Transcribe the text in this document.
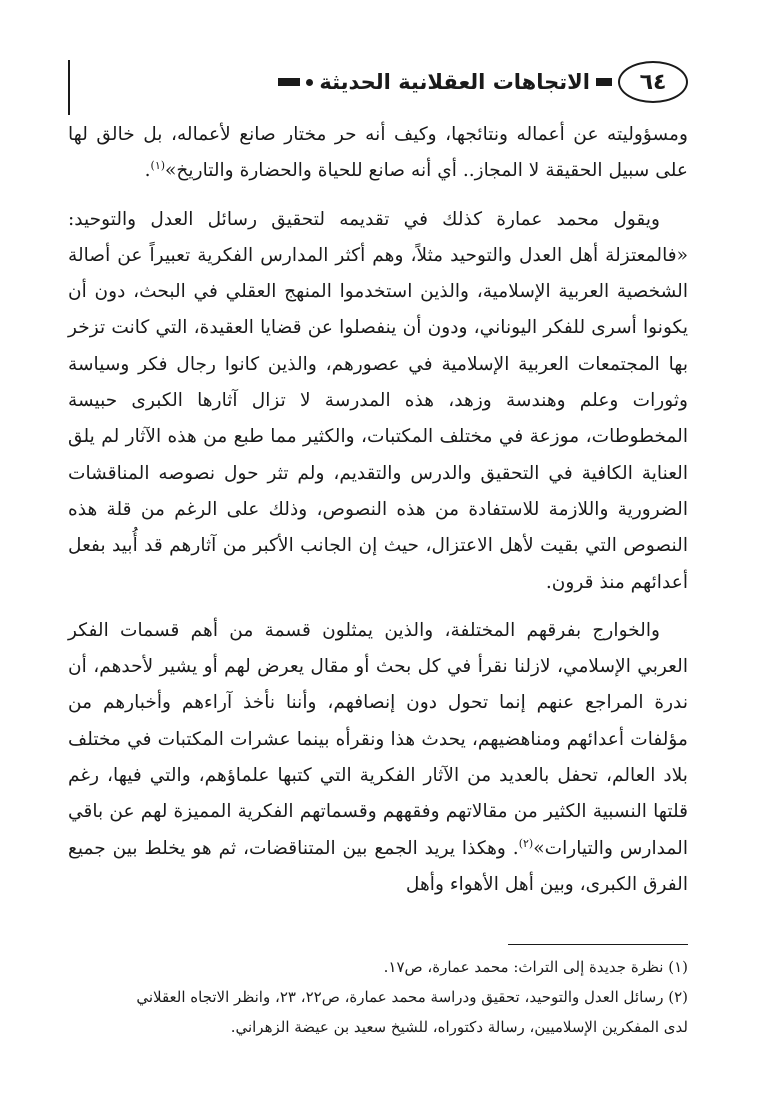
٦٤
الاتجاهات العقلانية الحديثة

ومسؤوليته عن أعماله ونتائجها، وكيف أنه حر مختار صانع لأعماله، بل خالق لها على سبيل الحقيقة لا المجاز.. أي أنه صانع للحياة والحضارة والتاريخ»$^{(١)}$.

ويقول محمد عمارة كذلك في تقديمه لتحقيق رسائل العدل والتوحيد: «فالمعتزلة أهل العدل والتوحيد مثلاً، وهم أكثر المدارس الفكرية تعبيراً عن أصالة الشخصية العربية الإسلامية، والذين استخدموا المنهج العقلي في البحث، دون أن يكونوا أسرى للفكر اليوناني، ودون أن ينفصلوا عن قضايا العقيدة، التي كانت تزخر بها المجتمعات العربية الإسلامية في عصورهم، والذين كانوا رجال فكر وسياسة وثورات وعلم وهندسة وزهد، هذه المدرسة لا تزال آثارها الكبرى حبيسة المخطوطات، موزعة في مختلف المكتبات، والكثير مما طبع من هذه الآثار لم يلق العناية الكافية في التحقيق والدرس والتقديم، ولم تثر حول نصوصه المناقشات الضرورية واللازمة للاستفادة من هذه النصوص، وذلك على الرغم من قلة هذه النصوص التي بقيت لأهل الاعتزال، حيث إن الجانب الأكبر من آثارهم قد أُبيد بفعل أعدائهم منذ قرون.

والخوارج بفرقهم المختلفة، والذين يمثلون قسمة من أهم قسمات الفكر العربي الإسلامي، لازلنا نقرأ في كل بحث أو مقال يعرض لهم أو يشير لأحدهم، أن ندرة المراجع عنهم إنما تحول دون إنصافهم، وأننا نأخذ آراءهم وأخبارهم من مؤلفات أعدائهم ومناهضيهم، يحدث هذا ونقرأه بينما عشرات المكتبات في مختلف بلاد العالم، تحفل بالعديد من الآثار الفكرية التي كتبها علماؤهم، والتي فيها، رغم قلتها النسبية الكثير من مقالاتهم وفقههم وقسماتهم الفكرية المميزة لهم عن باقي المدارس والتيارات»$^{(٢)}$. وهكذا يريد الجمع بين المتناقضات، ثم هو يخلط بين جميع الفرق الكبرى، وبين أهل الأهواء وأهل

(١) نظرة جديدة إلى التراث: محمد عمارة، ص١٧.

(٢) رسائل العدل والتوحيد، تحقيق ودراسة محمد عمارة، ص٢٢، ٢٣، وانظر الاتجاه العقلاني
لدى المفكرين الإسلاميين، رسالة دكتوراه، للشيخ سعيد بن عيضة الزهراني.
